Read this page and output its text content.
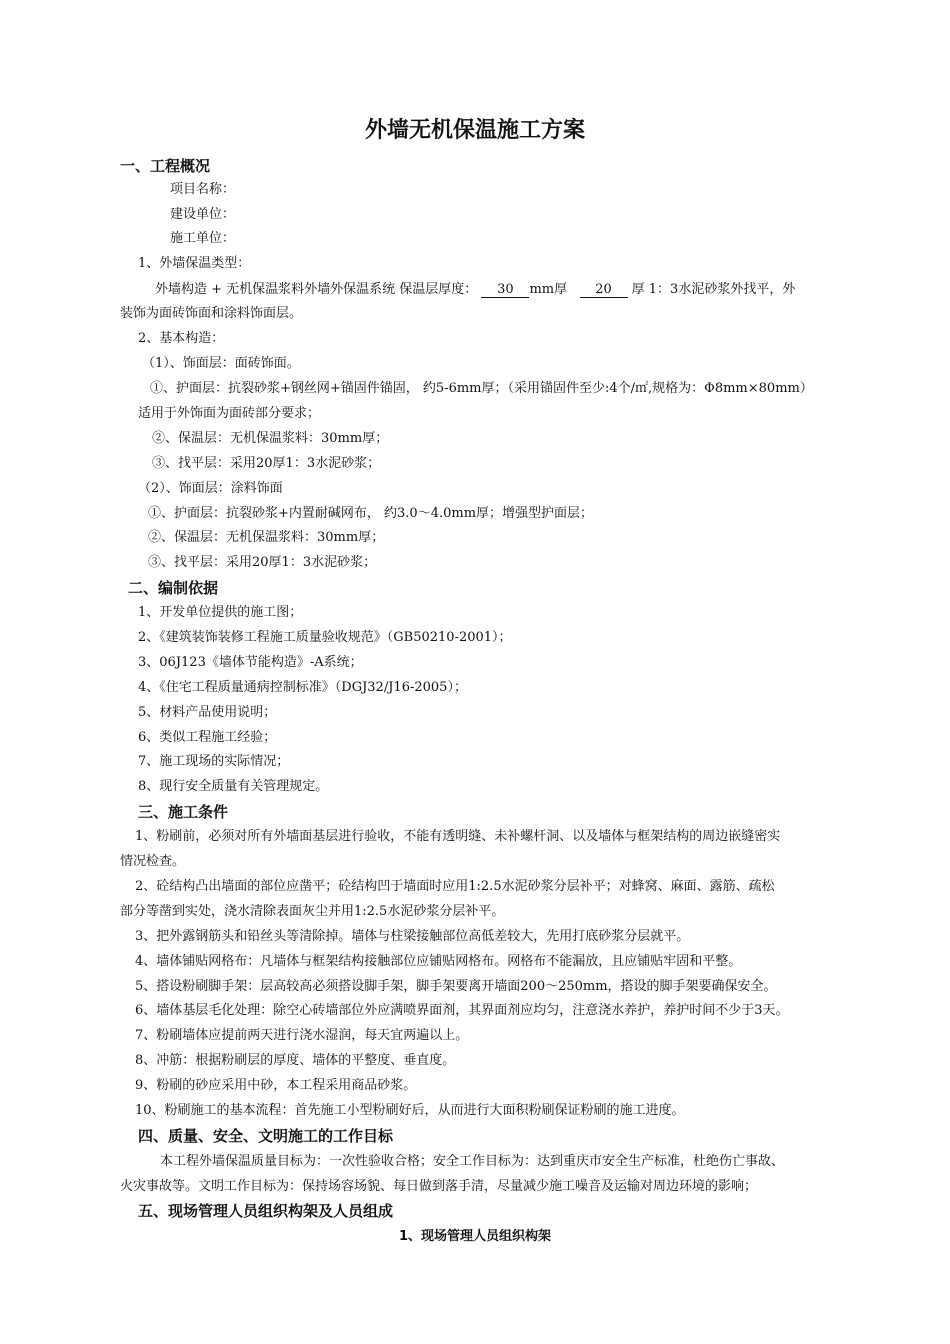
外墙无机保温施工方案
一、工程概况
项目名称：
建设单位：
施工单位：
1、外墙保温类型：
外墙构造 + 无机保温浆料外墙外保温系统 保温层厚度： 30 mm厚 20 厚 1：3水泥砂浆外找平，外
装饰为面砖饰面和涂料饰面层。
2、基本构造：
（1）、饰面层：面砖饰面。
①、护面层：抗裂砂浆+钢丝网+锚固件锚固， 约5-6mm厚；（采用锚固件至少:4个/㎡,规格为：Φ8mm×80mm）
适用于外饰面为面砖部分要求；
②、保温层：无机保温浆料：30mm厚；
③、找平层：采用20厚1：3水泥砂浆；
（2）、饰面层：涂料饰面
①、护面层：抗裂砂浆+内置耐碱网布， 约3.0～4.0mm厚；增强型护面层；
②、保温层：无机保温浆料：30mm厚；
③、找平层：采用20厚1：3水泥砂浆；
二、编制依据
1、开发单位提供的施工图；
2、《建筑装饰装修工程施工质量验收规范》（GB50210-2001）；
3、06J123《墙体节能构造》-A系统；
4、《住宅工程质量通病控制标准》（DGJ32/J16-2005）；
5、材料产品使用说明；
6、类似工程施工经验；
7、施工现场的实际情况；
8、现行安全质量有关管理规定。
三、施工条件
1、粉刷前，必须对所有外墙面基层进行验收，不能有透明缝、未补螺杆洞、以及墙体与框架结构的周边嵌缝密实
情况检查。
2、砼结构凸出墙面的部位应凿平；砼结构凹于墙面时应用1:2.5水泥砂浆分层补平；对蜂窝、麻面、露筋、疏松
部分等凿到实处，浇水清除表面灰尘并用1:2.5水泥砂浆分层补平。
3、把外露钢筋头和铅丝头等清除掉。墙体与柱梁接触部位高低差较大，先用打底砂浆分层就平。
4、墙体铺贴网格布：凡墙体与框架结构接触部位应铺贴网格布。网格布不能漏放，且应铺贴牢固和平整。
5、搭设粉刷脚手架：层高较高必须搭设脚手架，脚手架要离开墙面200～250mm，搭设的脚手架要确保安全。
6、墙体基层毛化处理：除空心砖墙部位外应满喷界面剂，其界面剂应均匀，注意浇水养护，养护时间不少于3天。
7、粉刷墙体应提前两天进行浇水湿润，每天宜两遍以上。
8、冲筋：根据粉刷层的厚度、墙体的平整度、垂直度。
9、粉刷的砂应采用中砂，本工程采用商品砂浆。
10、粉刷施工的基本流程：首先施工小型粉刷好后，从而进行大面积粉刷保证粉刷的施工进度。
四、质量、安全、文明施工的工作目标
本工程外墙保温质量目标为：一次性验收合格；安全工作目标为：达到重庆市安全生产标准，杜绝伤亡事故、
火灾事故等。文明工作目标为：保持场容场貌、每日做到落手清，尽量减少施工噪音及运输对周边环境的影响；
五、现场管理人员组织构架及人员组成
1、现场管理人员组织构架
